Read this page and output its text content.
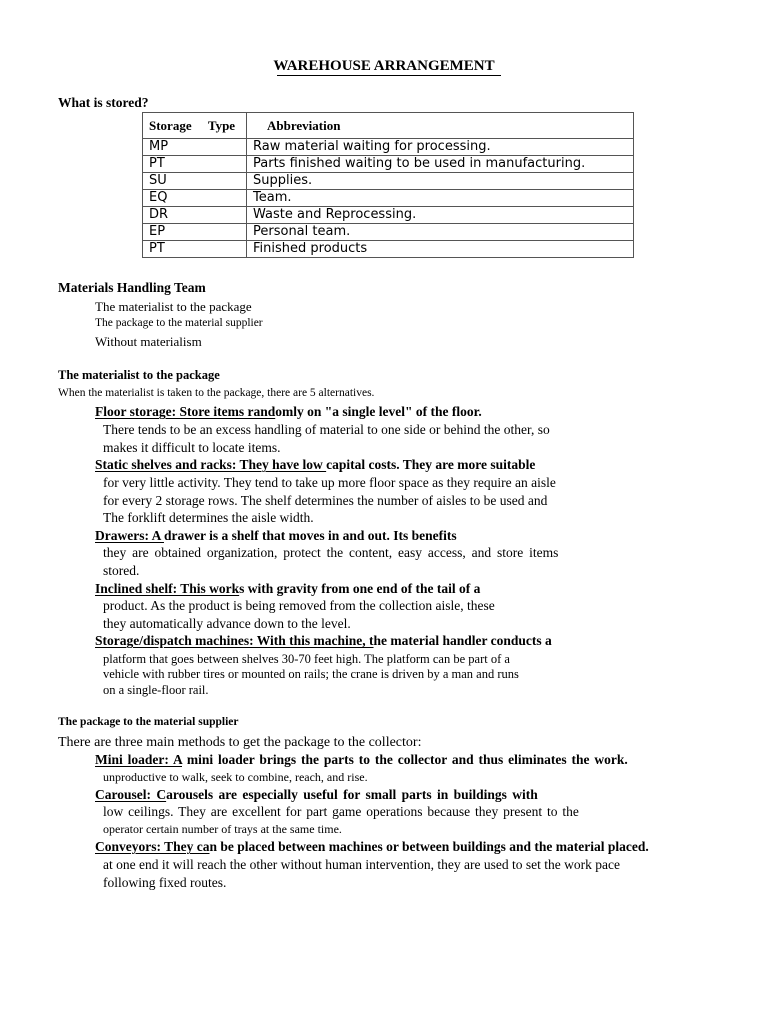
WAREHOUSE ARRANGEMENT
What is stored?
Storage Type	Abbreviation
MP	Raw material waiting for processing.
PT	Parts finished waiting to be used in manufacturing.
SU	Supplies.
EQ	Team.
DR	Waste and Reprocessing.
EP	Personal team.
PT	Finished products
Materials Handling Team
The materialist to the package
The package to the material supplier
Without materialism
The materialist to the package
When the materialist is taken to the package, there are 5 alternatives.
Floor storage: Store items randomly on "a single level" of the floor.
There tends to be an excess handling of material to one side or behind the other, so
makes it difficult to locate items.
Static shelves and racks: They have low capital costs. They are more suitable
for very little activity. They tend to take up more floor space as they require an aisle
for every 2 storage rows. The shelf determines the number of aisles to be used and
The forklift determines the aisle width.
Drawers: A drawer is a shelf that moves in and out. Its benefits
they are obtained organization, protect the content, easy access, and store items
stored.
Inclined shelf: This works with gravity from one end of the tail of a
product. As the product is being removed from the collection aisle, these
they automatically advance down to the level.
Storage/dispatch machines: With this machine, the material handler conducts a
platform that goes between shelves 30-70 feet high. The platform can be part of a
vehicle with rubber tires or mounted on rails; the crane is driven by a man and runs
on a single-floor rail.
The package to the material supplier
There are three main methods to get the package to the collector:
Mini loader: A mini loader brings the parts to the collector and thus eliminates the work.
unproductive to walk, seek to combine, reach, and rise.
Carousel: Carousels are especially useful for small parts in buildings with
low ceilings. They are excellent for part game operations because they present to the
operator certain number of trays at the same time.
Conveyors: They can be placed between machines or between buildings and the material placed.
at one end it will reach the other without human intervention, they are used to set the work pace
following fixed routes.
